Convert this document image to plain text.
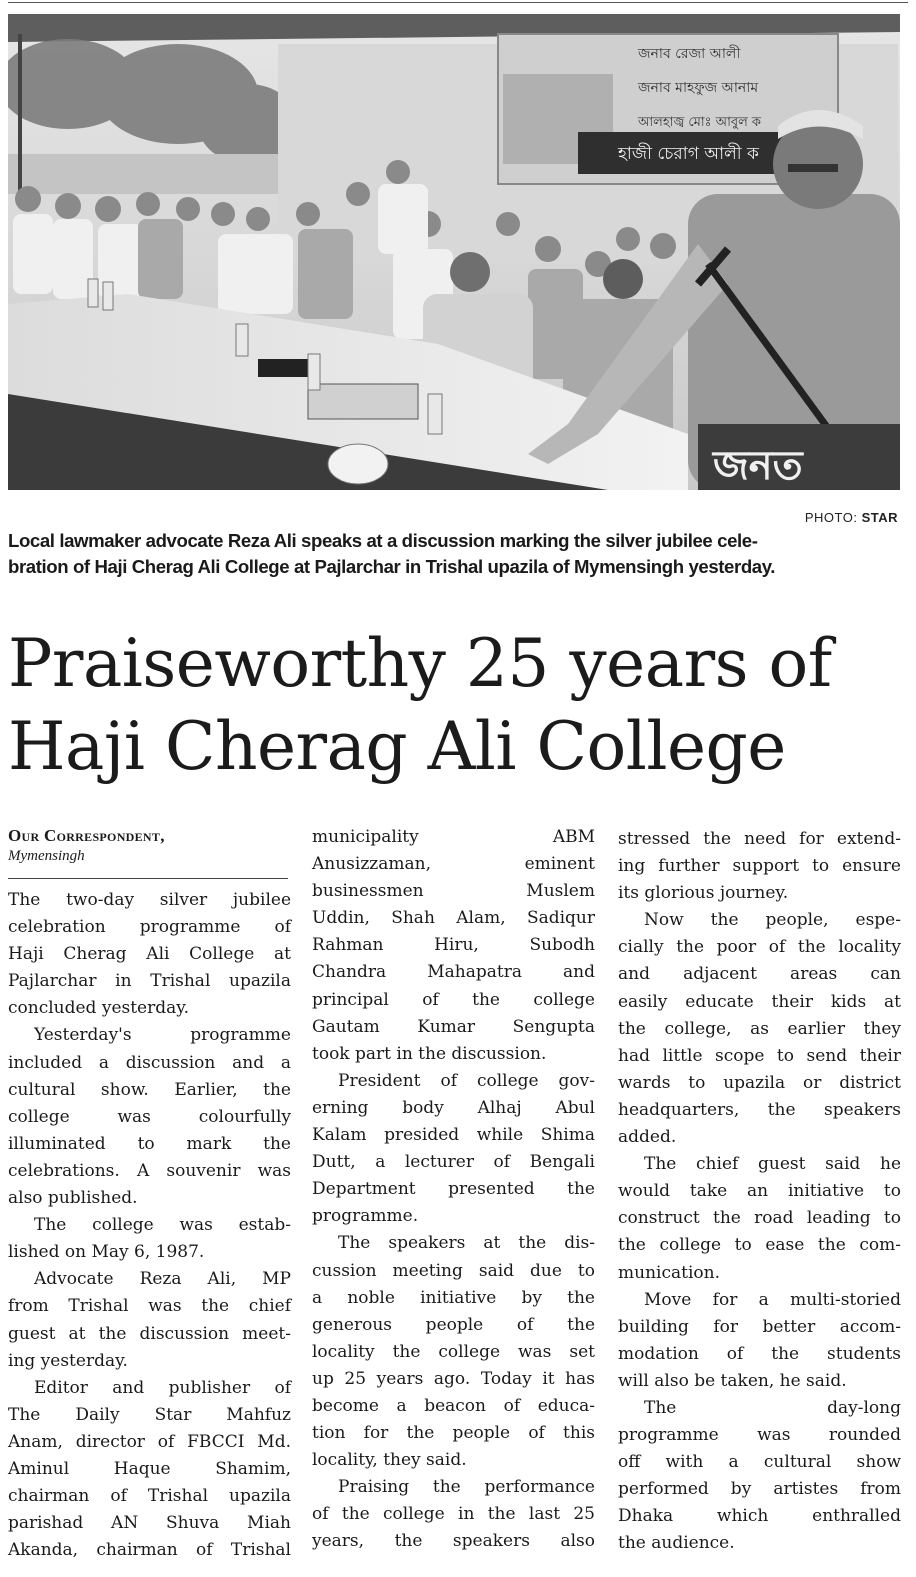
জনাব রেজা আলী
জনাব মাহফুজ আনাম
আলহাজ্ব মোঃ আবুল ক
হাজী চেরাগ আলী ক
জনত
PHOTO: STAR
Local lawmaker advocate Reza Ali speaks at a discussion marking the silver jubilee cele-
bration of Haji Cherag Ali College at Pajlarchar in Trishal upazila of Mymensingh yesterday.
Praiseworthy 25 years of
Haji Cherag Ali College
Our Correspondent,
Mymensingh
The two-day silver jubilee
celebration programme of
Haji Cherag Ali College at
Pajlarchar in Trishal upazila
concluded yesterday.
Yesterday's programme
included a discussion and a
cultural show. Earlier, the
college was colourfully
illuminated to mark the
celebrations. A souvenir was
also published.
The college was estab-
lished on May 6, 1987.
Advocate Reza Ali, MP
from Trishal was the chief
guest at the discussion meet-
ing yesterday.
Editor and publisher of
The Daily Star Mahfuz
Anam, director of FBCCI Md.
Aminul Haque Shamim,
chairman of Trishal upazila
parishad AN Shuva Miah
Akanda, chairman of Trishal
municipality ABM
Anusizzaman, eminent
businessmen Muslem
Uddin, Shah Alam, Sadiqur
Rahman Hiru, Subodh
Chandra Mahapatra and
principal of the college
Gautam Kumar Sengupta
took part in the discussion.
President of college gov-
erning body Alhaj Abul
Kalam presided while Shima
Dutt, a lecturer of Bengali
Department presented the
programme.
The speakers at the dis-
cussion meeting said due to
a noble initiative by the
generous people of the
locality the college was set
up 25 years ago. Today it has
become a beacon of educa-
tion for the people of this
locality, they said.
Praising the performance
of the college in the last 25
years, the speakers also
stressed the need for extend-
ing further support to ensure
its glorious journey.
Now the people, espe-
cially the poor of the locality
and adjacent areas can
easily educate their kids at
the college, as earlier they
had little scope to send their
wards to upazila or district
headquarters, the speakers
added.
The chief guest said he
would take an initiative to
construct the road leading to
the college to ease the com-
munication.
Move for a multi-storied
building for better accom-
modation of the students
will also be taken, he said.
The day-long
programme was rounded
off with a cultural show
performed by artistes from
Dhaka which enthralled
the audience.
